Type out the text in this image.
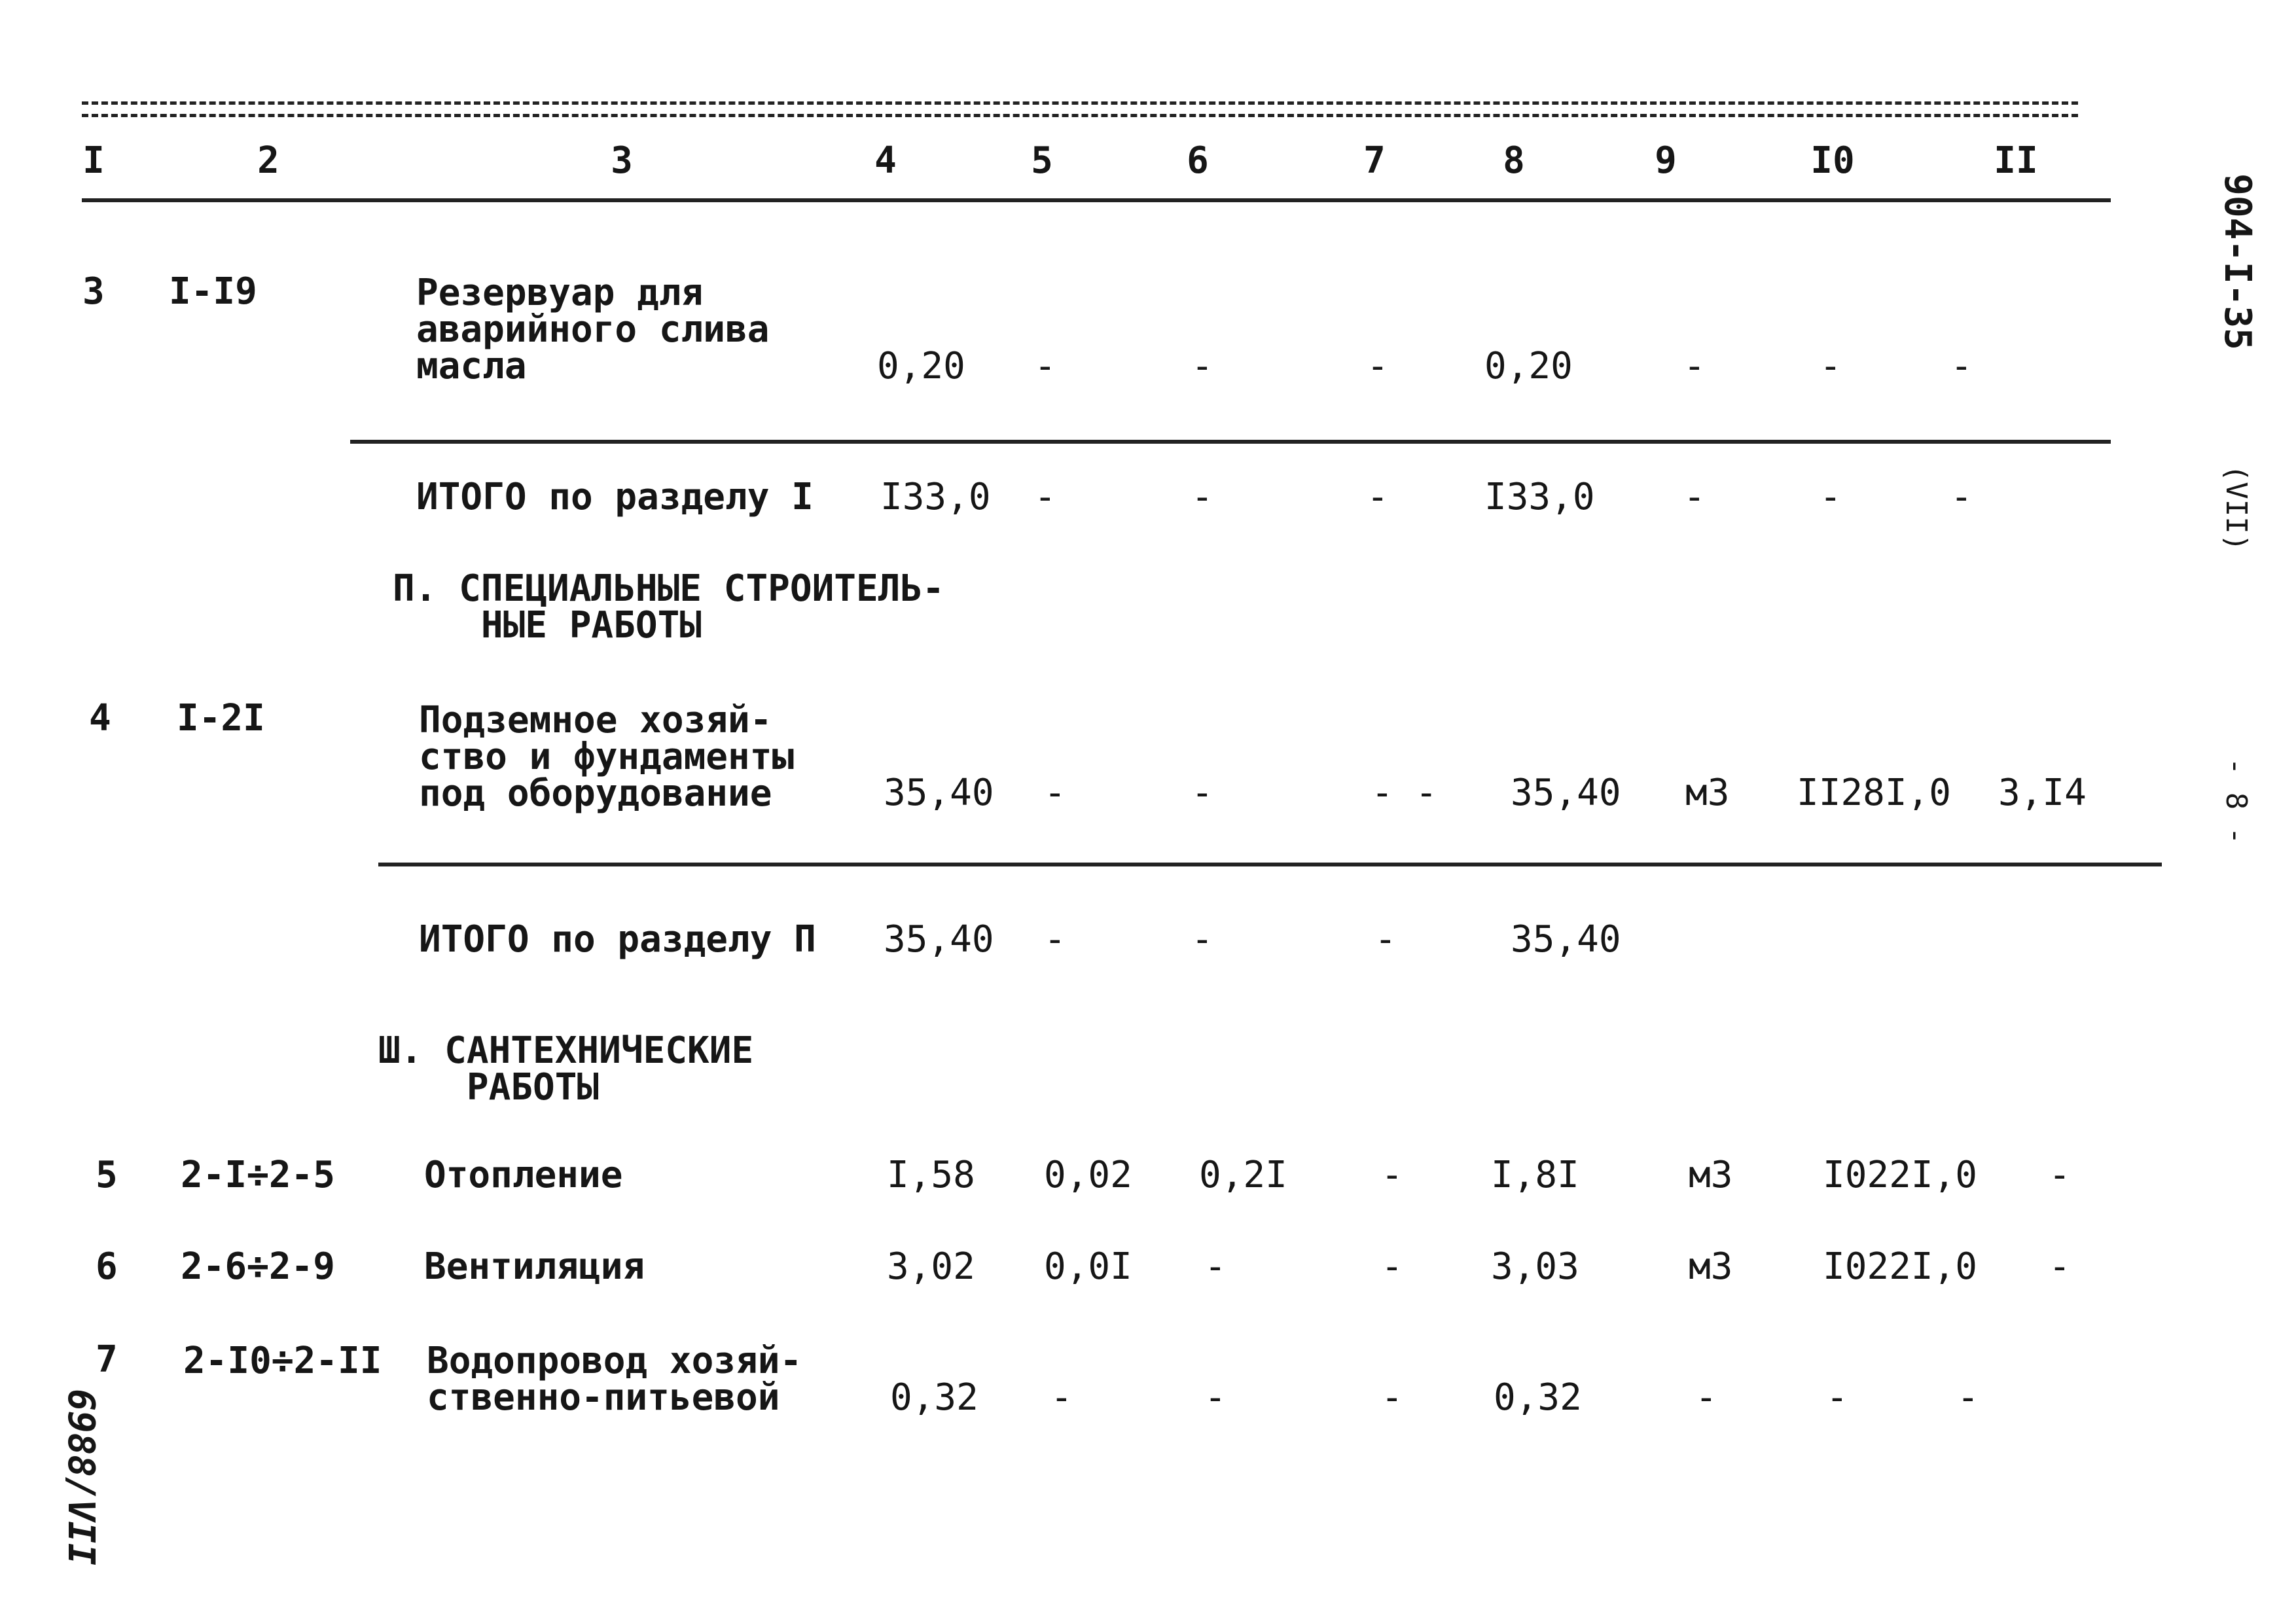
I	2	3	4	5	6	7	8	9	I0	II
3 I-I9	Резервуар для
аварийного слива
масла	0,20 -	-	-	0,20	-	-	-
ИТОГО по разделу I I33,0 -	-	-	I33,0 -	-	-
П. СПЕЦИАЛЬНЫЕ СТРОИТЕЛЬ-
НЫЕ РАБОТЫ
4 I-2I	Подземное хозяй-
ство и фундаменты
под оборудование	35,40 -	-	- - 35,40 м3 II28I,0 3,I4
ИТОГО по разделу П 35,40 -	-	-	35,40
Ш. САНТЕХНИЧЕСКИЕ
РАБОТЫ
5 2-I÷2-5 Отопление	I,58 0,02 0,2I	- I,8I	м3 I022I,0 -
6 2-6÷2-9 Вентиляция	3,02 0,0I -	- 3,03	м3 I022I,0 -
7 2-I0÷2-II Водопровод хозяй-
ственно-питьевой	0,32 -	-	- 0,32	-	-	-
904-I-35
(VII)
- 8 -
6988/VII
